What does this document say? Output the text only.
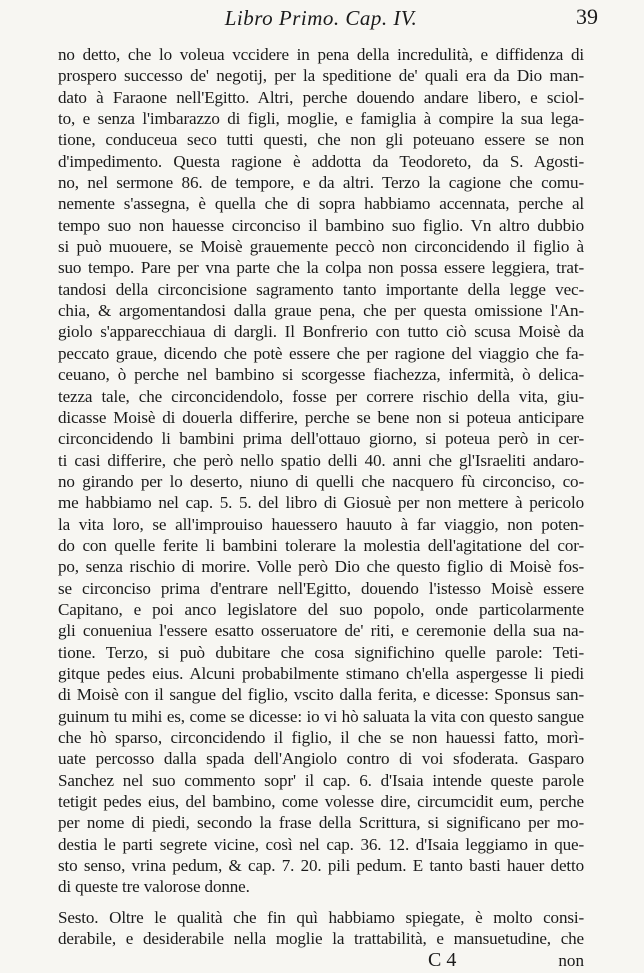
Libro Primo. Cap. IV.	39
no detto, che lo voleua vccidere in pena della incredulità, e diffidenza di
prospero successo de' negotij, per la speditione de' quali era da Dio man-
dato à Faraone nell'Egitto. Altri, perche douendo andare libero, e sciol-
to, e senza l'imbarazzo di figli, moglie, e famiglia à compire la sua lega-
tione, conduceua seco tutti questi, che non gli poteuano essere se non
d'impedimento. Questa ragione è addotta da Teodoreto, da S. Agosti-
no, nel sermone 86. de tempore, e da altri. Terzo la cagione che comu-
nemente s'assegna, è quella che di sopra habbiamo accennata, perche al
tempo suo non hauesse circonciso il bambino suo figlio. Vn altro dubbio
si può muouere, se Moisè grauemente peccò non circoncidendo il figlio à
suo tempo. Pare per vna parte che la colpa non possa essere leggiera, trat-
tandosi della circoncisione sagramento tanto importante della legge vec-
chia, & argomentandosi dalla graue pena, che per questa omissione l'An-
giolo s'apparecchiaua di dargli. Il Bonfrerio con tutto ciò scusa Moisè da
peccato graue, dicendo che potè essere che per ragione del viaggio che fa-
ceuano, ò perche nel bambino si scorgesse fiachezza, infermità, ò delica-
tezza tale, che circoncidendolo, fosse per correre rischio della vita, giu-
dicasse Moisè di douerla differire, perche se bene non si poteua anticipare
circoncidendo li bambini prima dell'ottauo giorno, si poteua però in cer-
ti casi differire, che però nello spatio delli 40. anni che gl'Israeliti andaro-
no girando per lo deserto, niuno di quelli che nacquero fù circonciso, co-
me habbiamo nel cap. 5. 5. del libro di Giosuè per non mettere à pericolo
la vita loro, se all'improuiso hauessero hauuto à far viaggio, non poten-
do con quelle ferite li bambini tolerare la molestia dell'agitatione del cor-
po, senza rischio di morire. Volle però Dio che questo figlio di Moisè fos-
se circonciso prima d'entrare nell'Egitto, douendo l'istesso Moisè essere
Capitano, e poi anco legislatore del suo popolo, onde particolarmente
gli conueniua l'essere esatto osseruatore de' riti, e ceremonie della sua na-
tione. Terzo, si può dubitare che cosa significhino quelle parole: Teti-
gitque pedes eius. Alcuni probabilmente stimano ch'ella aspergesse li piedi
di Moisè con il sangue del figlio, vscito dalla ferita, e dicesse: Sponsus san-
guinum tu mihi es, come se dicesse: io vi hò saluata la vita con questo sangue
che hò sparso, circoncidendo il figlio, il che se non hauessi fatto, morì-
uate percosso dalla spada dell'Angiolo contro di voi sfoderata. Gasparo
Sanchez nel suo commento sopr' il cap. 6. d'Isaia intende queste parole
tetigit pedes eius, del bambino, come volesse dire, circumcidit eum, perche
per nome di piedi, secondo la frase della Scrittura, si significano per mo-
destia le parti segrete vicine, così nel cap. 36. 12. d'Isaia leggiamo in que-
sto senso, vrina pedum, & cap. 7. 20. pili pedum. E tanto basti hauer detto
di queste tre valorose donne.
Sesto. Oltre le qualità che fin quì habbiamo spiegate, è molto consi-
derabile, e desiderabile nella moglie la trattabilità, e mansuetudine, che
C 4	non
